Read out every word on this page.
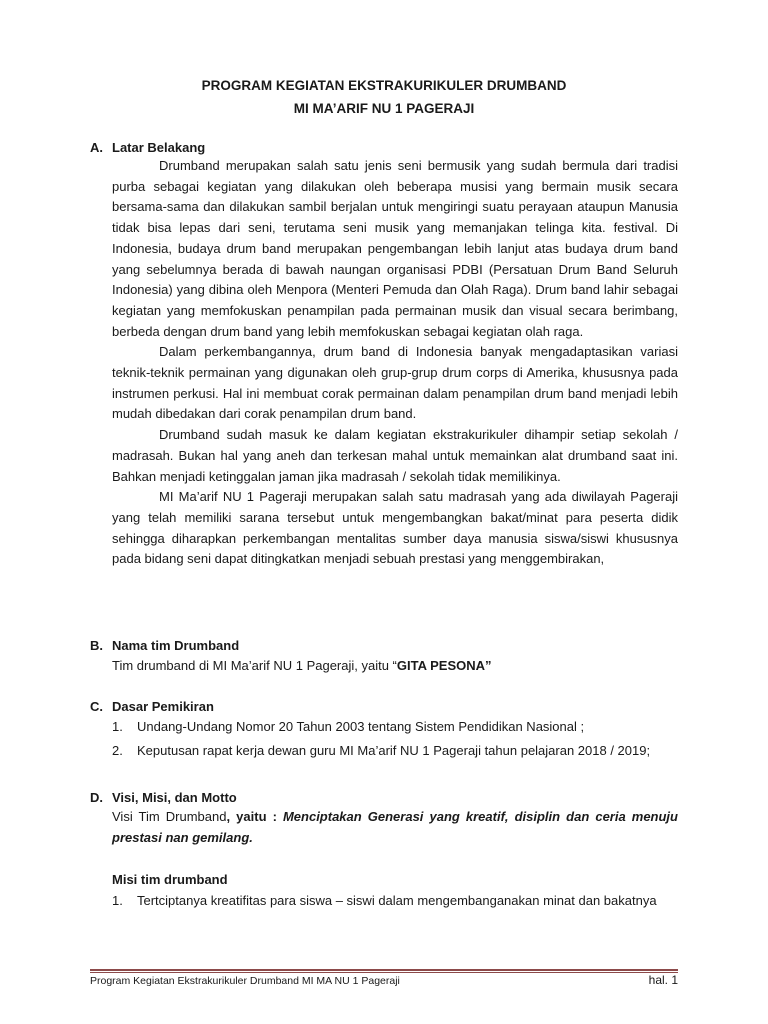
PROGRAM KEGIATAN EKSTRAKURIKULER DRUMBAND
MI MA’ARIF NU 1 PAGERAJI
A. Latar Belakang

Drumband merupakan salah satu jenis seni bermusik yang sudah bermula dari tradisi purba sebagai kegiatan yang dilakukan oleh beberapa musisi yang bermain musik secara bersama-sama dan dilakukan sambil berjalan untuk mengiringi suatu perayaan ataupun Manusia tidak bisa lepas dari seni, terutama seni musik yang memanjakan telinga kita. festival. Di Indonesia, budaya drum band merupakan pengembangan lebih lanjut atas budaya drum band yang sebelumnya berada di bawah naungan organisasi PDBI (Persatuan Drum Band Seluruh Indonesia) yang dibina oleh Menpora (Menteri Pemuda dan Olah Raga). Drum band lahir sebagai kegiatan yang memfokuskan penampilan pada permainan musik dan visual secara berimbang, berbeda dengan drum band yang lebih memfokuskan sebagai kegiatan olah raga.

Dalam perkembangannya, drum band di Indonesia banyak mengadaptasikan variasi teknik-teknik permainan yang digunakan oleh grup-grup drum corps di Amerika, khususnya pada instrumen perkusi. Hal ini membuat corak permainan dalam penampilan drum band menjadi lebih mudah dibedakan dari corak penampilan drum band.

Drumband sudah masuk ke dalam kegiatan ekstrakurikuler dihampir setiap sekolah / madrasah. Bukan hal yang aneh dan terkesan mahal untuk memainkan alat drumband saat ini. Bahkan menjadi ketinggalan jaman jika madrasah / sekolah tidak memilikinya.

MI Ma’arif NU 1 Pageraji merupakan salah satu madrasah yang ada diwilayah Pageraji yang telah memiliki sarana tersebut untuk mengembangkan bakat/minat para peserta didik sehingga diharapkan perkembangan mentalitas sumber daya manusia siswa/siswi khususnya pada bidang seni dapat ditingkatkan menjadi sebuah prestasi yang menggembirakan,

B. Nama tim Drumband

Tim drumband di MI Ma’arif NU 1 Pageraji, yaitu “GITA PESONA”

C. Dasar Pemikiran

1. Undang-Undang Nomor 20 Tahun 2003 tentang Sistem Pendidikan Nasional ;

2. Keputusan rapat kerja dewan guru MI Ma’arif NU 1 Pageraji tahun pelajaran 2018 / 2019;

D. Visi, Misi, dan Motto

Visi Tim Drumband, yaitu : Menciptakan Generasi yang kreatif, disiplin dan ceria menuju prestasi nan gemilang.

Misi tim drumband

1. Tertciptanya kreatifitas para siswa – siswi dalam mengembanganakan minat dan bakatnya

Program Kegiatan Ekstrakurikuler Drumband MI MA NU 1 Pageraji	hal. 1
